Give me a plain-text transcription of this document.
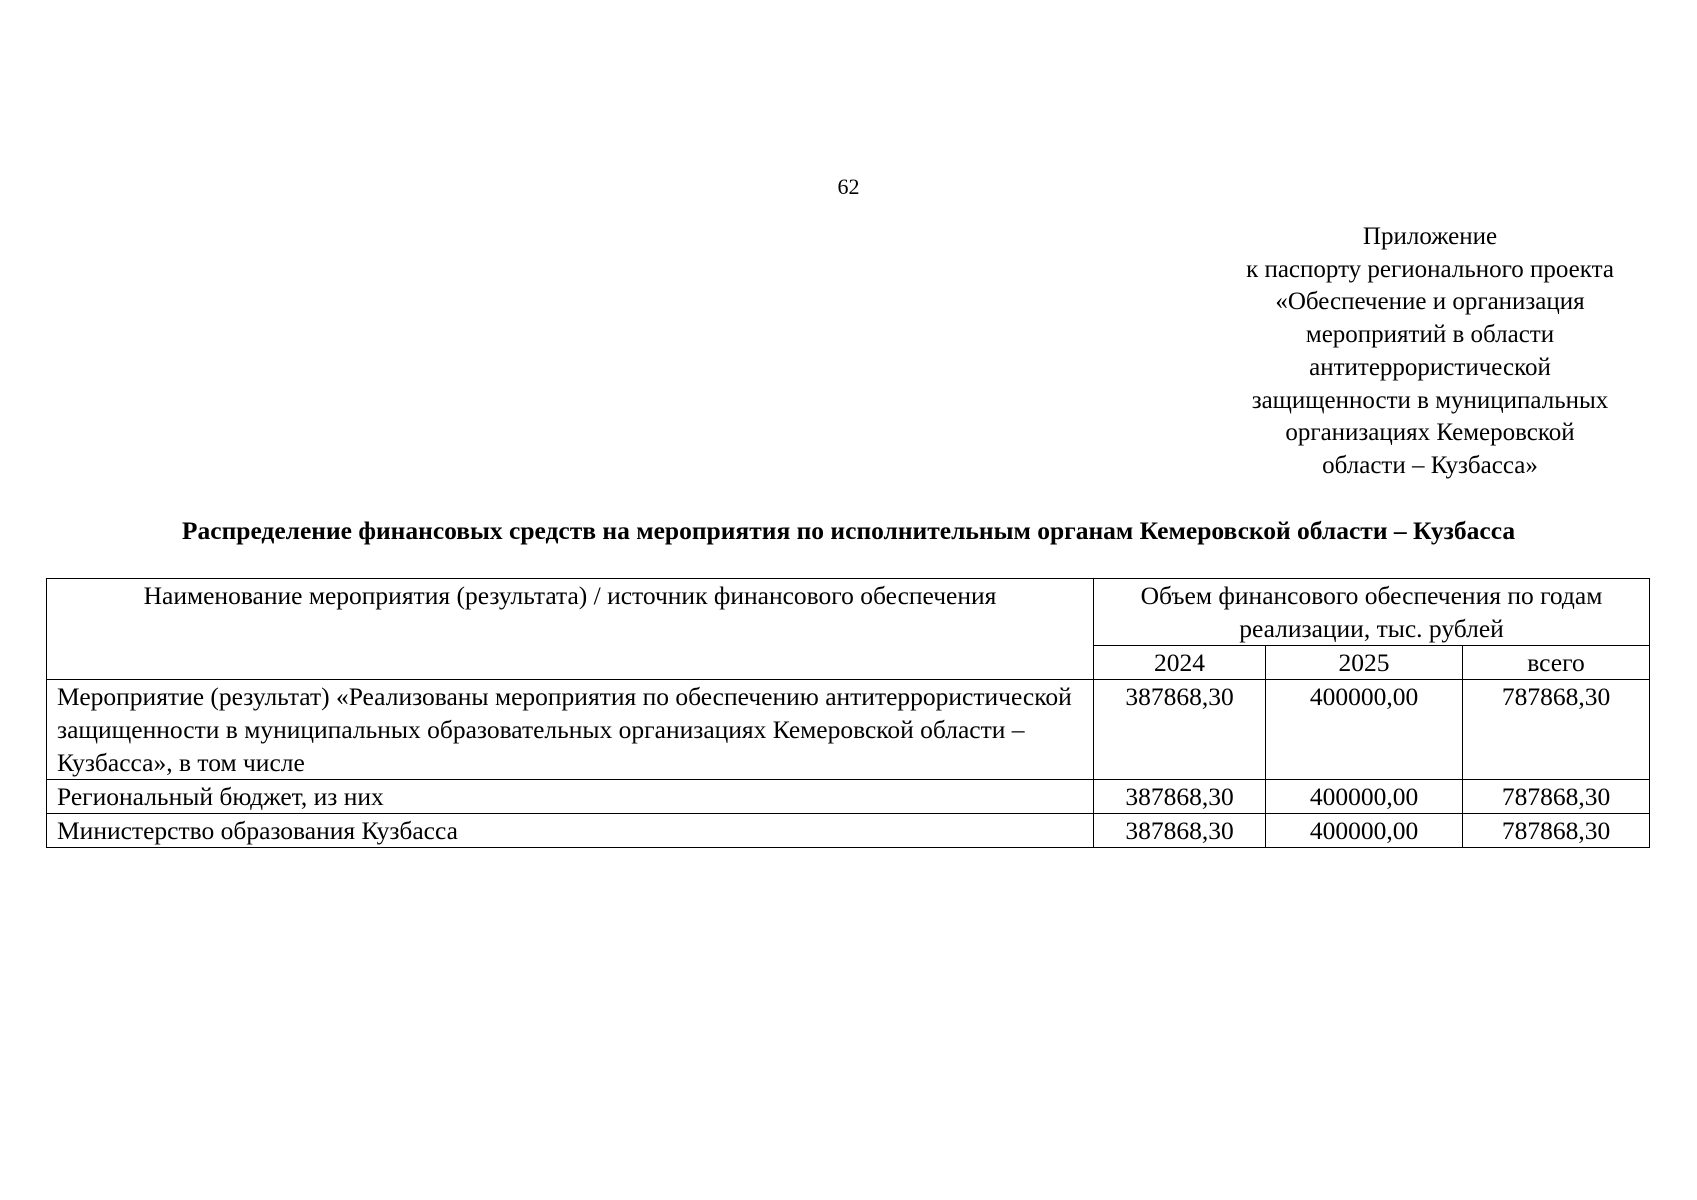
62
Приложение
к паспорту регионального проекта
«Обеспечение и организация
мероприятий в области
антитеррористической
защищенности в муниципальных
организациях Кемеровской
области – Кузбасса»
Распределение финансовых средств на мероприятия по исполнительным органам Кемеровской области – Кузбасса
Наименование мероприятия (результата) / источник финансового обеспечения	Объем финансового обеспечения по годам реализации, тыс. рублей		
	2024	2025	всего
Мероприятие (результат) «Реализованы мероприятия по обеспечению антитеррористической защищенности в муниципальных образовательных организациях Кемеровской области – Кузбасса», в том числе	387868,30	400000,00	787868,30
Региональный бюджет, из них	387868,30	400000,00	787868,30
Министерство образования Кузбасса	387868,30	400000,00	787868,30
